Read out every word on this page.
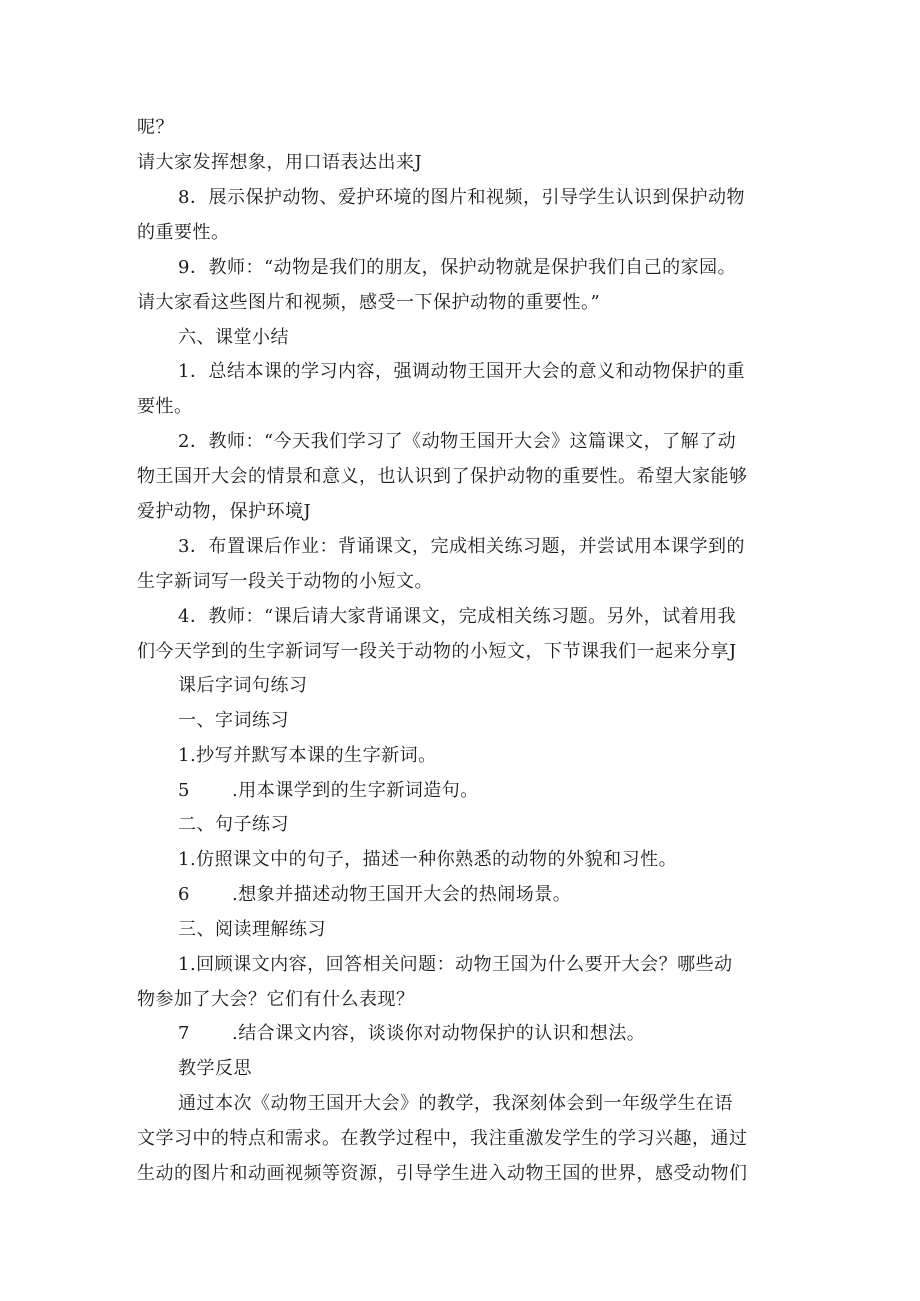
呢？
请大家发挥想象，用口语表达出来J
8．展示保护动物、爱护环境的图片和视频，引导学生认识到保护动物
的重要性。
9．教师：“动物是我们的朋友，保护动物就是保护我们自己的家园。
请大家看这些图片和视频，感受一下保护动物的重要性。”
六、课堂小结
1．总结本课的学习内容，强调动物王国开大会的意义和动物保护的重
要性。
2．教师：“今天我们学习了《动物王国开大会》这篇课文，了解了动
物王国开大会的情景和意义，也认识到了保护动物的重要性。希望大家能够
爱护动物，保护环境J
3．布置课后作业：背诵课文，完成相关练习题，并尝试用本课学到的
生字新词写一段关于动物的小短文。
4．教师：“课后请大家背诵课文，完成相关练习题。另外，试着用我
们今天学到的生字新词写一段关于动物的小短文，下节课我们一起来分享J
课后字词句练习
一、字词练习
1.抄写并默写本课的生字新词。
5 .用本课学到的生字新词造句。
二、句子练习
1.仿照课文中的句子，描述一种你熟悉的动物的外貌和习性。
6 .想象并描述动物王国开大会的热闹场景。
三、阅读理解练习
1.回顾课文内容，回答相关问题：动物王国为什么要开大会？哪些动
物参加了大会？它们有什么表现？
7 .结合课文内容，谈谈你对动物保护的认识和想法。
教学反思
通过本次《动物王国开大会》的教学，我深刻体会到一年级学生在语
文学习中的特点和需求。在教学过程中，我注重激发学生的学习兴趣，通过
生动的图片和动画视频等资源，引导学生进入动物王国的世界，感受动物们
